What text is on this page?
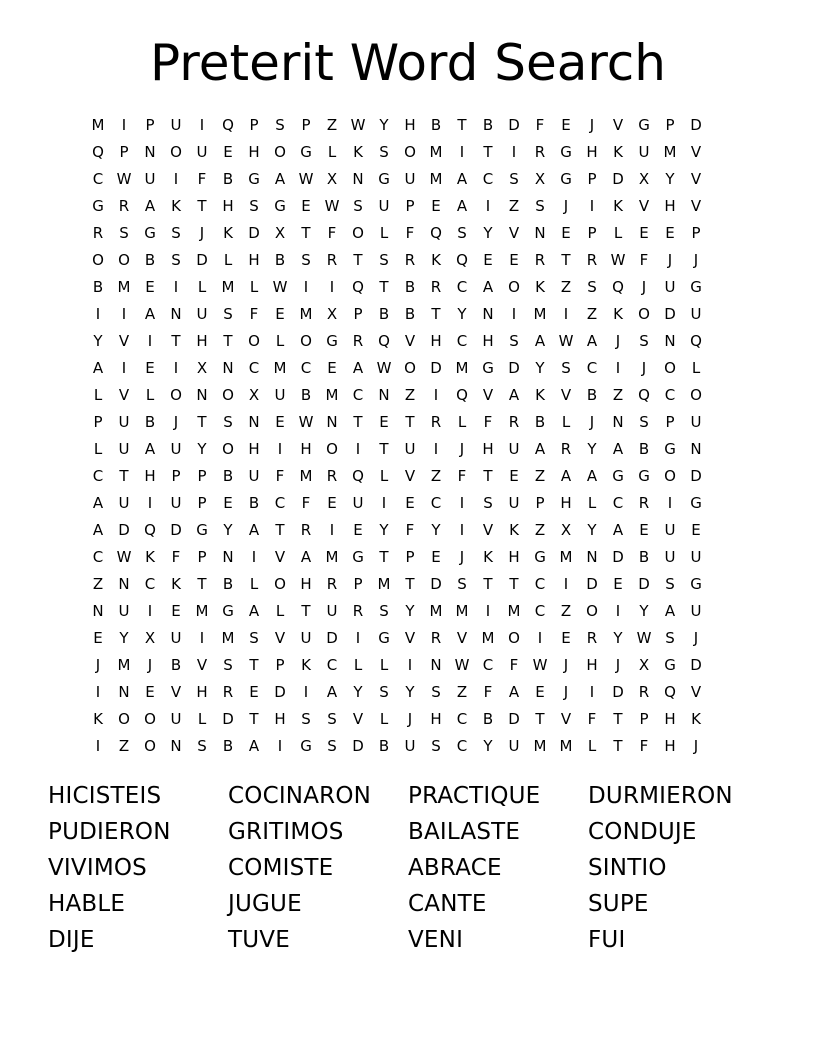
Preterit Word Search
M	I	P	U	I	Q	P	S	P	Z W Y	H	B	T	B	D	F	E	J	V	G	P	D
Q	P	N O U	E	H O G	L	K	S	O M	I	T	I	R G H	K	U M V
C W U	I	F	B	G	A W X	N G U M A	C	S	X	G	P	D	X	Y	V
G R	A	K	T	H	S	G	E W S	U	P	E	A	I	Z	S	J	I	K	V	H	V
R	S	G	S	J	K	D	X	T	F	O	L	F	Q	S	Y	V	N	E	P	L	E	E	P
O O B	S	D	L	H	B	S	R	T	S	R	K	Q	E	E	R	T	R W F	J	J
B M E	I	L	M	L W	I	I	Q	T	B	R	C	A O	K	Z	S	Q	J	U G
I	I	A	N U	S	F	E M X	P	B	B	T	Y	N	I	M	I	Z	K	O D U
Y	V	I	T	H	T	O	L	O G R Q V	H	C	H	S	A W A	J	S	N Q
A	I	E	I	X	N	C M C	E	A W O D M G D	Y	S	C	I	J	O	L
L	V	L	O N O X	U	B M C	N	Z	I	Q V	A	K	V	B	Z Q C O
P	U	B	J	T	S	N	E W N	T	E	T	R	L	F	R	B	L	J	N	S	P	U
L	U	A	U	Y	O H	I	H O	I	T	U	I	J	H U	A	R	Y	A	B	G N
C	T	H	P	P	B	U	F	M R Q	L	V	Z	F	T	E	Z	A	A	G G O D
A	U	I	U	P	E	B	C	F	E	U	I	E	C	I	S	U	P	H	L	C	R	I	G
A	D Q D G	Y	A	T	R	I	E	Y	F	Y	I	V	K	Z	X	Y	A	E	U	E
C W K	F	P	N	I	V	A M G	T	P	E	J	K	H G M N D	B	U	U
Z	N	C	K	T	B	L	O H	R	P	M T	D	S	T	T	C	I	D	E	D	S	G
N U	I	E M G	A	L	T	U	R	S	Y M M	I	M C	Z O	I	Y	A	U
E	Y	X	U	I	M S	V	U D	I	G	V	R	V M O	I	E	R	Y W S	J
J	M	J	B	V	S	T	P	K	C	L	L	I	N W C	F W	J	H	J	X	G D
I	N	E	V	H	R	E	D	I	A	Y	S	Y	S	Z	F	A	E	J	I	D	R Q V
K	O O U	L	D	T	H	S	S	V	L	J	H	C	B	D	T	V	F	T	P	H	K
I	Z O N	S	B	A	I	G	S	D	B	U	S	C	Y	U M M	L	T	F	H	J
HICISTEIS	COCINARON	PRACTIQUE	DURMIERON
PUDIERON	GRITIMOS	BAILASTE	CONDUJE
VIVIMOS	COMISTE	ABRACE	SINTIO
HABLE	JUGUE	CANTE	SUPE
DIJE	TUVE	VENI	FUI
